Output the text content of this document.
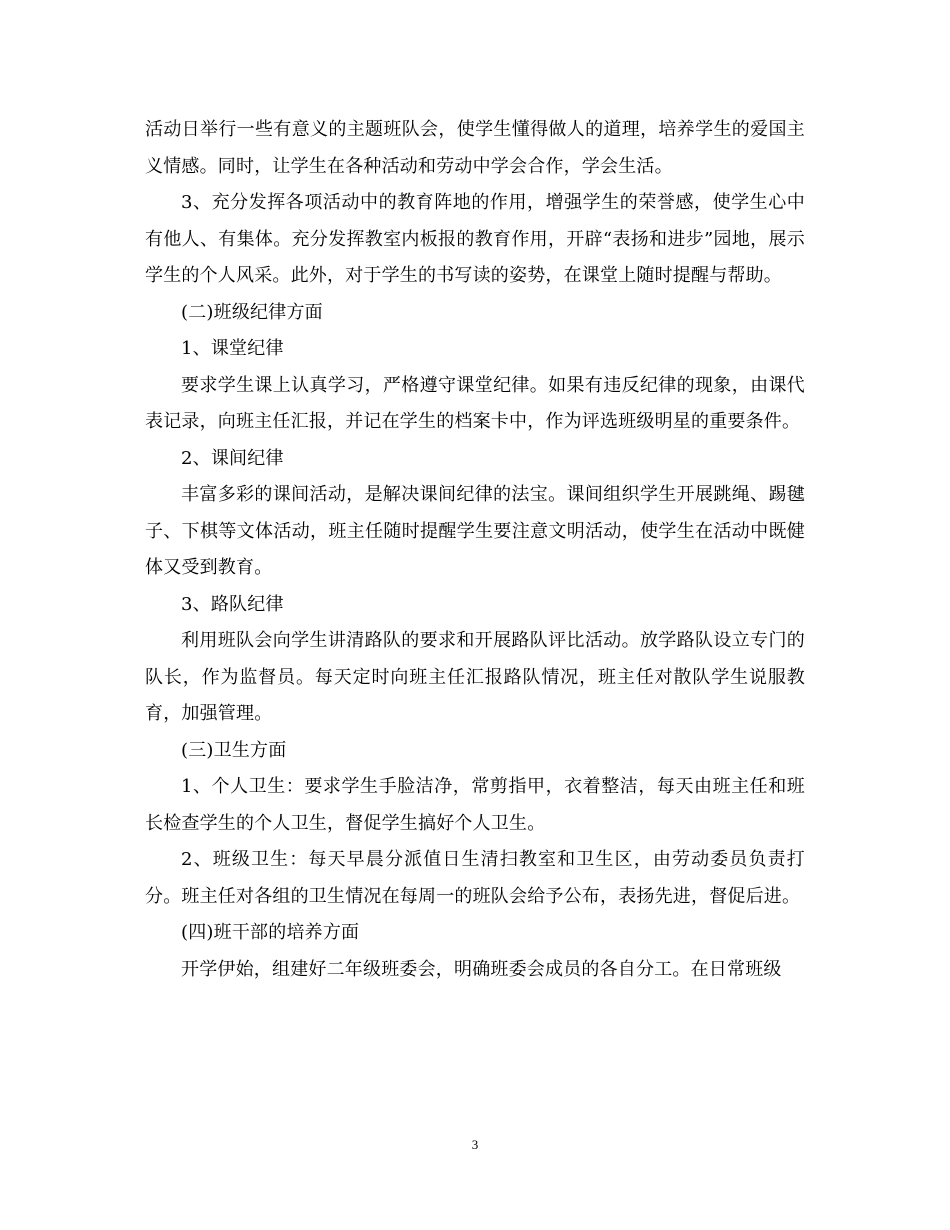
活动日举行一些有意义的主题班队会，使学生懂得做人的道理，培养学生的爱国主义情感。同时，让学生在各种活动和劳动中学会合作，学会生活。

3、充分发挥各项活动中的教育阵地的作用，增强学生的荣誉感，使学生心中有他人、有集体。充分发挥教室内板报的教育作用，开辟“表扬和进步”园地，展示学生的个人风采。此外，对于学生的书写读的姿势，在课堂上随时提醒与帮助。

(二)班级纪律方面

1、课堂纪律

要求学生课上认真学习，严格遵守课堂纪律。如果有违反纪律的现象，由课代表记录，向班主任汇报，并记在学生的档案卡中，作为评选班级明星的重要条件。

2、课间纪律

丰富多彩的课间活动，是解决课间纪律的法宝。课间组织学生开展跳绳、踢毽子、下棋等文体活动，班主任随时提醒学生要注意文明活动，使学生在活动中既健体又受到教育。

3、路队纪律

利用班队会向学生讲清路队的要求和开展路队评比活动。放学路队设立专门的队长，作为监督员。每天定时向班主任汇报路队情况，班主任对散队学生说服教育，加强管理。

(三)卫生方面

1、个人卫生：要求学生手脸洁净，常剪指甲，衣着整洁，每天由班主任和班长检查学生的个人卫生，督促学生搞好个人卫生。

2、班级卫生：每天早晨分派值日生清扫教室和卫生区，由劳动委员负责打分。班主任对各组的卫生情况在每周一的班队会给予公布，表扬先进，督促后进。

(四)班干部的培养方面

开学伊始，组建好二年级班委会，明确班委会成员的各自分工。在日常班级

3
